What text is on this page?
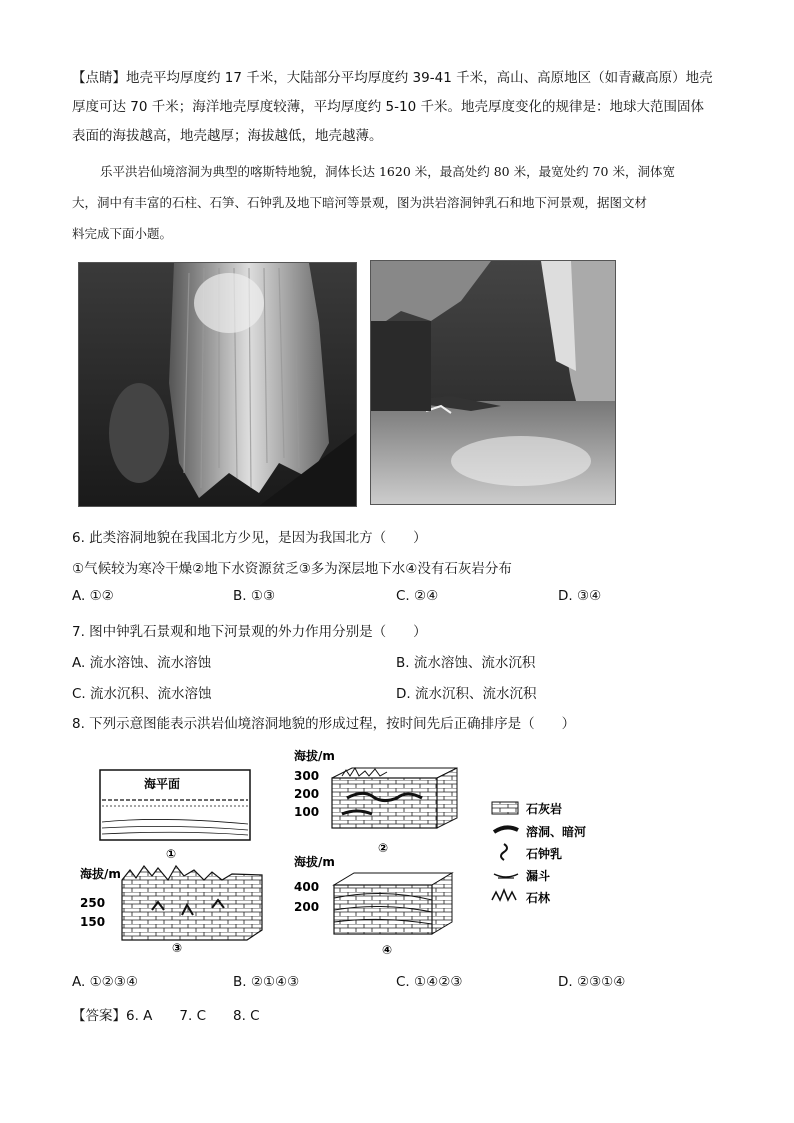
【点睛】地壳平均厚度约 17 千米，大陆部分平均厚度约 39-41 千米，高山、高原地区（如青藏高原）地壳
厚度可达 70 千米；海洋地壳厚度较薄，平均厚度约 5-10 千米。地壳厚度变化的规律是：地球大范围固体
表面的海拔越高，地壳越厚；海拔越低，地壳越薄。
乐平洪岩仙境溶洞为典型的喀斯特地貌，洞体长达 1620 米，最高处约 80 米，最宽处约 70 米，洞体宽
大，洞中有丰富的石柱、石笋、石钟乳及地下暗河等景观，图为洪岩溶洞钟乳石和地下河景观，据图文材
料完成下面小题。
6. 此类溶洞地貌在我国北方少见，是因为我国北方（　　）
①气候较为寒冷干燥②地下水资源贫乏③多为深层地下水④没有石灰岩分布
A. ①②	B. ①③	C. ②④	D. ③④
7. 图中钟乳石景观和地下河景观的外力作用分别是（　　）
A. 流水溶蚀、流水溶蚀	B. 流水溶蚀、流水沉积
C. 流水沉积、流水溶蚀	D. 流水沉积、流水沉积
8. 下列示意图能表示洪岩仙境溶洞地貌的形成过程，按时间先后正确排序是（　　）
海平面
①
海拔/m
300
200
100
②
海拔/m
250
150
③
海拔/m
400
200
④
石灰岩
溶洞、暗河
石钟乳
漏斗
石林
A. ①②③④	B. ②①④③	C. ①④②③	D. ②③①④
【答案】6. A　　7. C　　8. C
